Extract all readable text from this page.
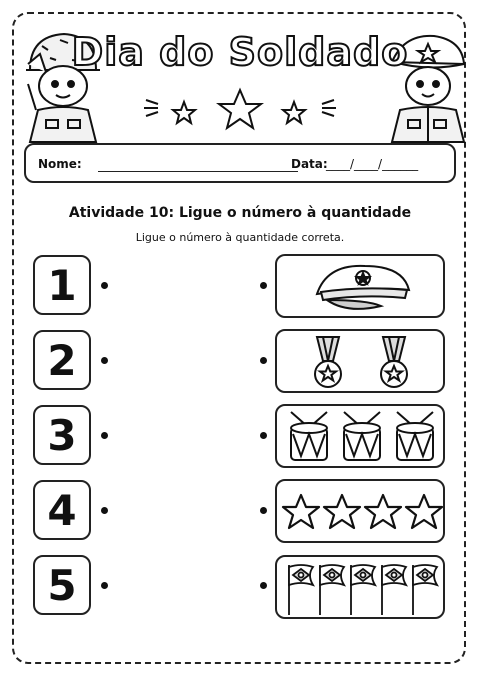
Dia do Soldado
Nome:	Data:
____/____/______
Atividade 10: Ligue o número à quantidade
Ligue o número à quantidade correta.
1
2
3
4
5
